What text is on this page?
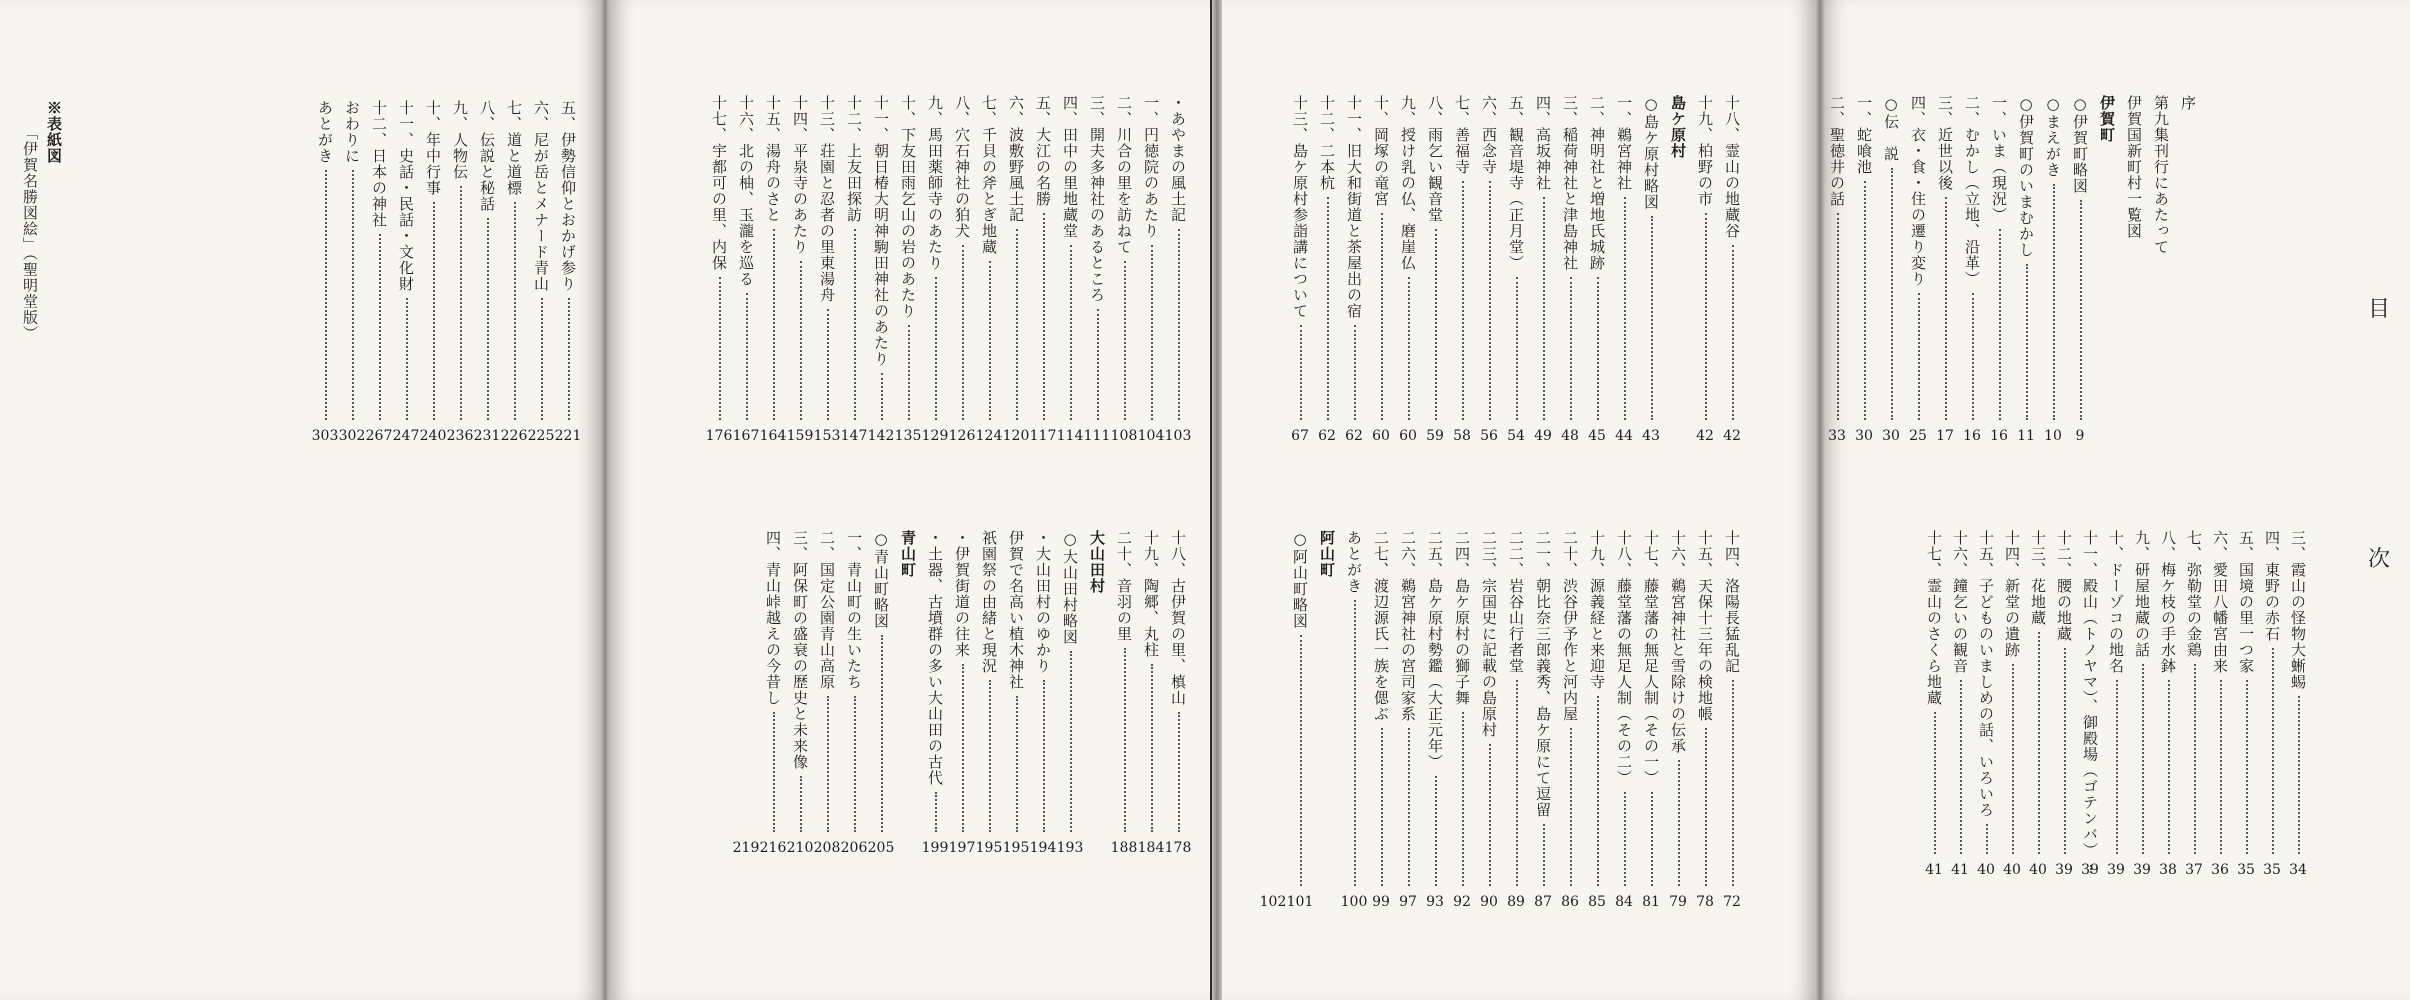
序
第九集刊行にあたって
伊賀国新町村一覧図
伊賀町
○伊賀町略図
9
○まえがき
10
○伊賀町のいまむかし
11
一、いま（現況）
16
二、むかし（立地、沿革）
16
三、近世以後
17
四、衣・食・住の遷り変り
25
○伝　説
30
一、蛇喰池
30
二、聖徳井の話
33
三、霞山の怪物大蜥蜴
34
四、東野の赤石
35
五、国境の里一つ家
35
六、愛田八幡宮由来
36
七、弥勒堂の金鶏
37
八、梅ケ枝の手水鉢
38
九、研屋地蔵の話
39
十、ドーゾコの地名
39
十一、殿山（トノヤマ）、御殿場（ゴテンバ）
39
十二、腰の地蔵
39
十三、花地蔵
40
十四、新堂の遺跡
40
十五、子どものいましめの話、いろいろ
40
十六、鐘乞いの観音
41
十七、霊山のさくら地蔵
41
十八、霊山の地蔵谷
42
十九、柏野の市
42
島ケ原村
○島ケ原村略図
43
一、鵜宮神社
44
二、神明社と増地氏城跡
45
三、稲荷神社と津島神社
48
四、高坂神社
49
五、観音堤寺（正月堂）
54
六、西念寺
56
七、善福寺
58
八、雨乞い観音堂
59
九、授け乳の仏、磨崖仏
60
十、岡塚の竜宮
60
十一、旧大和街道と茶屋出の宿
62
十二、二本杭
62
十三、島ケ原村参詣講について
67
十四、洛陽長猛乱記
72
十五、天保十三年の検地帳
78
十六、鵜宮神社と雪除けの伝承
79
十七、藤堂藩の無足人制（その一）
81
十八、藤堂藩の無足人制（その二）
84
十九、源義経と来迎寺
85
二十、渋谷伊予作と河内屋
86
二一、朝比奈三郎義秀、島ケ原にて逗留
87
二二、岩谷山行者堂
89
二三、宗国史に記載の島原村
90
二四、島ケ原村の獅子舞
92
二五、島ケ原村勢鑑（大正元年）
93
二六、鵜宮神社の宮司家系
97
二七、渡辺源氏一族を偲ぶ
99
あとがき
100
阿山町
○阿山町略図
101
102
・あやまの風土記
103
一、円徳院のあたり
104
二、川合の里を訪ねて
108
三、開夫多神社のあるところ
111
四、田中の里地蔵堂
114
五、大江の名勝
117
六、波敷野風土記
120
七、千貝の斧とぎ地蔵
124
八、穴石神社の狛犬
126
九、馬田薬師寺のあたり
129
十、下友田雨乞山の岩のあたり
135
十一、朝日椿大明神駒田神社のあたり
142
十二、上友田探訪
147
十三、荘園と忍者の里東湯舟
153
十四、平泉寺のあたり
159
十五、湯舟のさと
164
十六、北の柚、玉瀧を巡る
167
十七、宇都可の里、内保
176
十八、古伊賀の里、槙山
178
十九、陶郷、丸柱
184
二十、音羽の里
188
大山田村
○大山田村略図
193
・大山田村のゆかり
194
伊賀で名高い植木神社
195
祇園祭の由緒と現況
195
・伊賀街道の往来
197
・土器、古墳群の多い大山田の古代
199
青山町
○青山町略図
205
一、青山町の生いたち
206
二、国定公園青山高原
208
三、阿保町の盛衰の歴史と未来像
210
四、青山峠越えの今昔し
216
219
五、伊勢信仰とおかげ参り
221
六、尼が岳とメナード青山
225
七、道と道標
226
八、伝説と秘話
231
九、人物伝
236
十、年中行事
240
十一、史話・民話・文化財
247
十二、日本の神社
267
おわりに
302
あとがき
303
目
次
※表紙図
「伊賀名勝図絵」（聖明堂版）
